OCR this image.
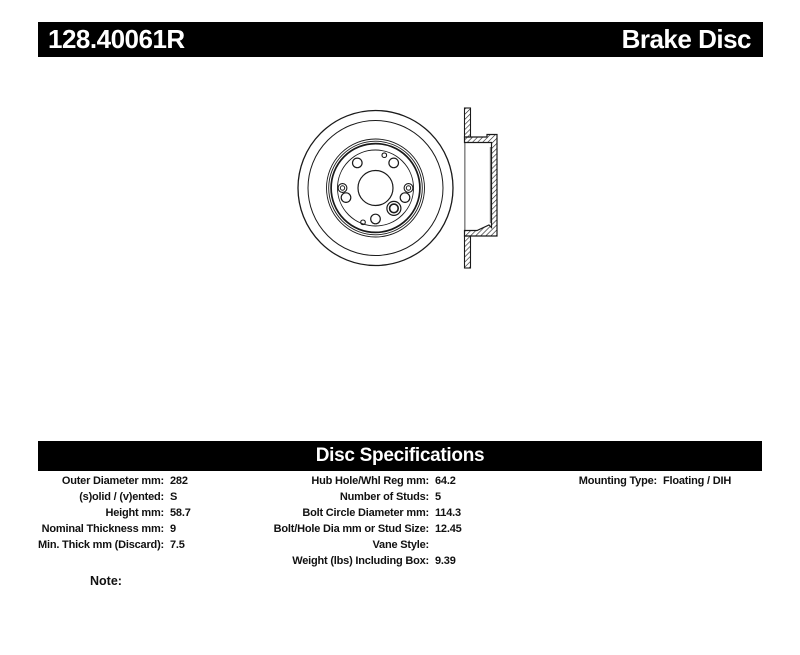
128.40061R	Brake Disc
Disc Specifications
Outer Diameter mm: 282
(s)olid / (v)ented: S
Height mm: 58.7
Nominal Thickness mm: 9
Min. Thick mm (Discard): 7.5
Hub Hole/Whl Reg mm: 64.2
Number of Studs: 5
Bolt Circle Diameter mm: 114.3
Bolt/Hole Dia mm or Stud Size: 12.45
Vane Style:
Weight (lbs) Including Box: 9.39
Mounting Type: Floating / DIH
Note:
